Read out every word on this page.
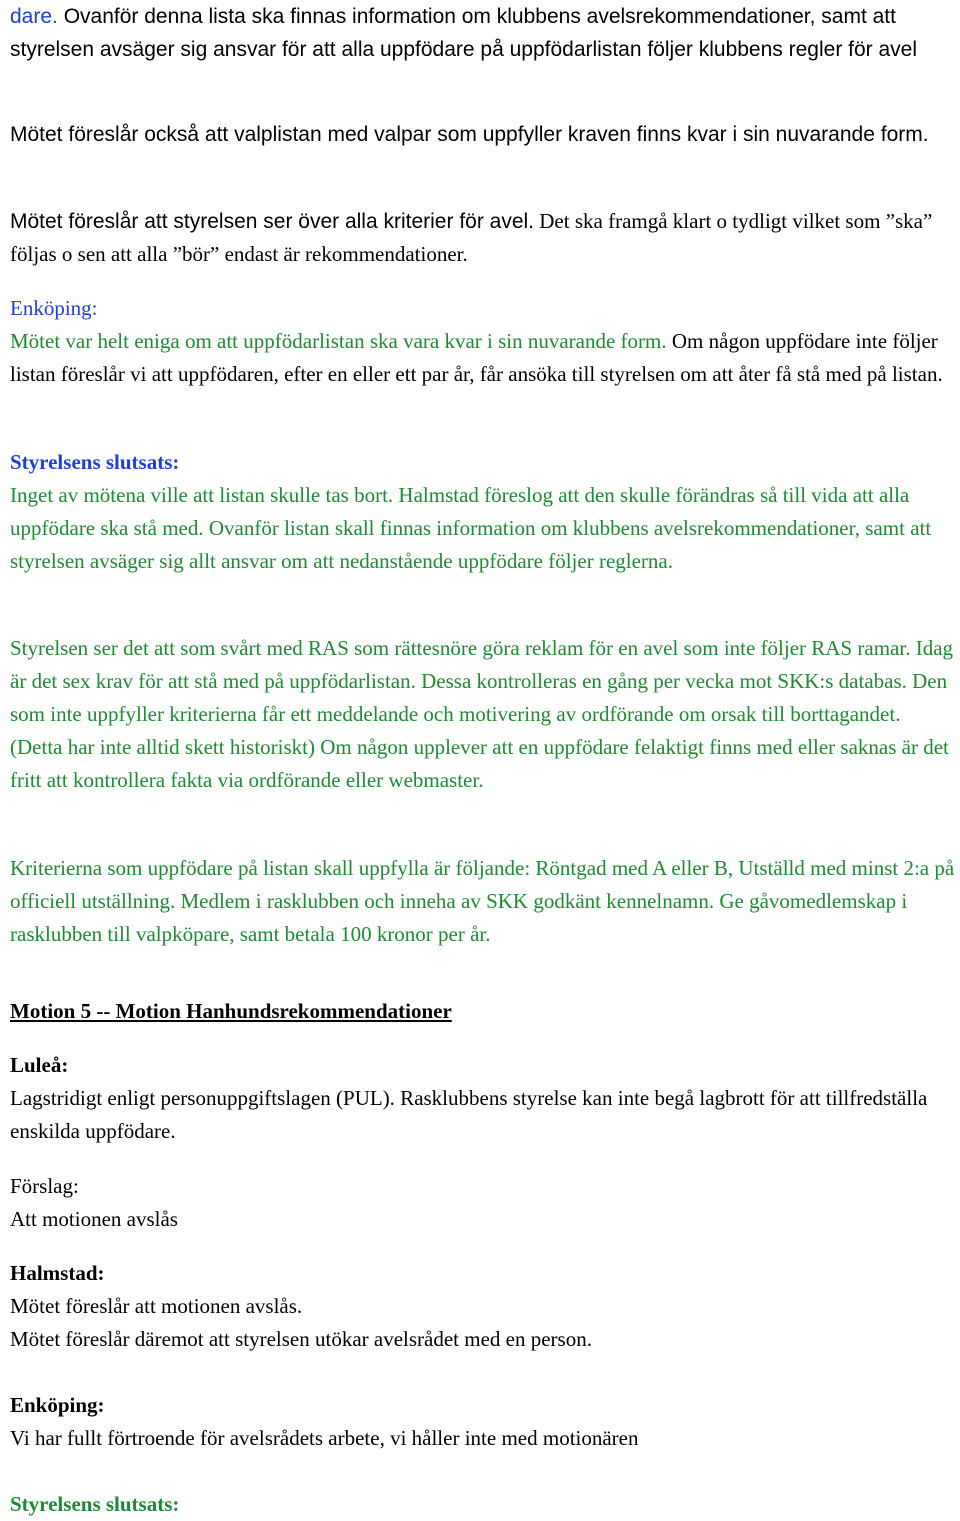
dare. Ovanför denna lista ska finnas information om klubbens avelsrekommendationer, samt att styrelsen avsäger sig ansvar för att alla uppfödare på uppfödarlistan följer klubbens regler för avel

Mötet föreslår också att valplistan med valpar som uppfyller kraven finns kvar i sin nuvarande form.

Mötet föreslår att styrelsen ser över alla kriterier för avel. Det ska framgå klart o tydligt vilket som ”ska” följas o sen att alla ”bör” endast är rekommendationer.

Enköping:

Mötet var helt eniga om att uppfödarlistan ska vara kvar i sin nuvarande form. Om någon uppfödare inte följer listan föreslår vi att uppfödaren, efter en eller ett par år, får ansöka till styrelsen om att åter få stå med på listan.

Styrelsens slutsats:

Inget av mötena ville att listan skulle tas bort. Halmstad föreslog att den skulle förändras så till vida att alla uppfödare ska stå med. Ovanför listan skall finnas information om klubbens avelsrekommendationer, samt att styrelsen avsäger sig allt ansvar om att nedanstående uppfödare följer reglerna.

Styrelsen ser det att som svårt med RAS som rättesnöre göra reklam för en avel som inte följer RAS ramar. Idag är det sex krav för att stå med på uppfödarlistan. Dessa kontrolleras en gång per vecka mot SKK:s databas. Den som inte uppfyller kriterierna får ett meddelande och motivering av ordförande om orsak till borttagandet. (Detta har inte alltid skett historiskt) Om någon upplever att en uppfödare felaktigt finns med eller saknas är det fritt att kontrollera fakta via ordförande eller webmaster.

Kriterierna som uppfödare på listan skall uppfylla är följande: Röntgad med A eller B, Utställd med minst 2:a på officiell utställning. Medlem i rasklubben och inneha av SKK godkänt kennelnamn. Ge gåvomedlemskap i rasklubben till valpköpare, samt betala 100 kronor per år.

Motion 5 -- Motion Hanhundsrekommendationer

Luleå:

Lagstridigt enligt personuppgiftslagen (PUL). Rasklubbens styrelse kan inte begå lagbrott för att tillfredställa enskilda uppfödare.

Förslag:

Att motionen avslås

Halmstad:

Mötet föreslår att motionen avslås.

Mötet föreslår däremot att styrelsen utökar avelsrådet med en person.

Enköping:

Vi har fullt förtroende för avelsrådets arbete, vi håller inte med motionären

Styrelsens slutsats:
